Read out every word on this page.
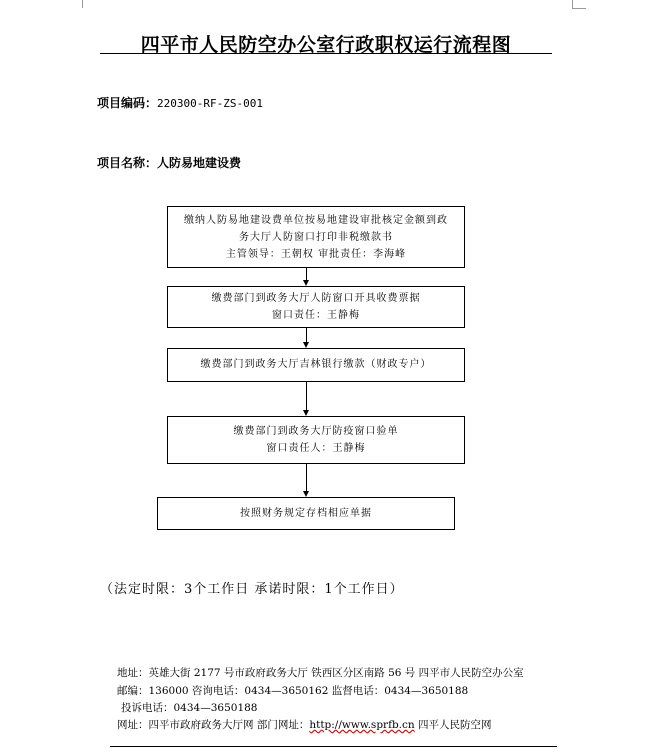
四平市人民防空办公室行政职权运行流程图
项目编码：220300-RF-ZS-001
项目名称：人防易地建设费
缴纳人防易地建设费单位按易地建设审批核定金额到政
务大厅人防窗口打印非税缴款书
主管领导：王朝权 审批责任：李海峰
缴费部门到政务大厅人防窗口开具收费票据
窗口责任：王静梅
缴费部门到政务大厅吉林银行缴款（财政专户）
缴费部门到政务大厅防疫窗口验单
窗口责任人：王静梅
按照财务规定存档相应单据
（法定时限：3个工作日 承诺时限：1个工作日）
地址：英雄大街 2177 号市政府政务大厅 铁西区分区南路 56 号 四平市人民防空办公室
邮编：136000 咨询电话：0434—3650162 监督电话：0434—3650188
投诉电话：0434—3650188
网址：四平市政府政务大厅网 部门网址：http://www.sprfb.cn 四平人民防空网
